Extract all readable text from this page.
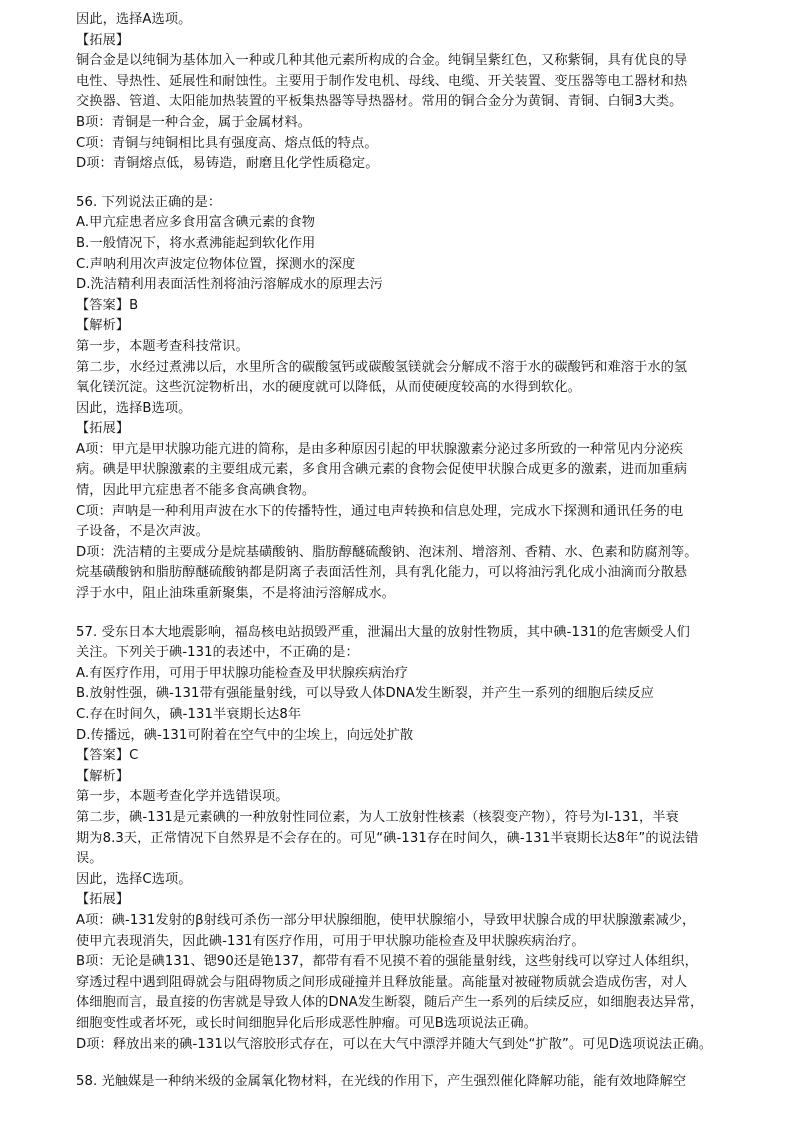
因此，选择A选项。
【拓展】
铜合金是以纯铜为基体加入一种或几种其他元素所构成的合金。纯铜呈紫红色，又称紫铜，具有优良的导
电性、导热性、延展性和耐蚀性。主要用于制作发电机、母线、电缆、开关装置、变压器等电工器材和热
交换器、管道、太阳能加热装置的平板集热器等导热器材。常用的铜合金分为黄铜、青铜、白铜3大类。
B项：青铜是一种合金，属于金属材料。
C项：青铜与纯铜相比具有强度高、熔点低的特点。
D项：青铜熔点低，易铸造，耐磨且化学性质稳定。
56. 下列说法正确的是：
A.甲亢症患者应多食用富含碘元素的食物
B.一般情况下，将水煮沸能起到软化作用
C.声呐利用次声波定位物体位置，探测水的深度
D.洗洁精利用表面活性剂将油污溶解成水的原理去污
【答案】B
【解析】
第一步，本题考查科技常识。
第二步，水经过煮沸以后，水里所含的碳酸氢钙或碳酸氢镁就会分解成不溶于水的碳酸钙和难溶于水的氢
氧化镁沉淀。这些沉淀物析出，水的硬度就可以降低，从而使硬度较高的水得到软化。
因此，选择B选项。
【拓展】
A项：甲亢是甲状腺功能亢进的简称，是由多种原因引起的甲状腺激素分泌过多所致的一种常见内分泌疾
病。碘是甲状腺激素的主要组成元素，多食用含碘元素的食物会促使甲状腺合成更多的激素，进而加重病
情，因此甲亢症患者不能多食高碘食物。
C项：声呐是一种利用声波在水下的传播特性，通过电声转换和信息处理，完成水下探测和通讯任务的电
子设备，不是次声波。
D项：洗洁精的主要成分是烷基磺酸钠、脂肪醇醚硫酸钠、泡沫剂、增溶剂、香精、水、色素和防腐剂等。
烷基磺酸钠和脂肪醇醚硫酸钠都是阴离子表面活性剂，具有乳化能力，可以将油污乳化成小油滴而分散悬
浮于水中，阻止油珠重新聚集，不是将油污溶解成水。
57. 受东日本大地震影响，福岛核电站损毁严重，泄漏出大量的放射性物质，其中碘-131的危害颇受人们
关注。下列关于碘-131的表述中，不正确的是：
A.有医疗作用，可用于甲状腺功能检查及甲状腺疾病治疗
B.放射性强，碘-131带有强能量射线，可以导致人体DNA发生断裂，并产生一系列的细胞后续反应
C.存在时间久，碘-131半衰期长达8年
D.传播远，碘-131可附着在空气中的尘埃上，向远处扩散
【答案】C
【解析】
第一步，本题考查化学并选错误项。
第二步，碘-131是元素碘的一种放射性同位素，为人工放射性核素（核裂变产物），符号为I-131，半衰
期为8.3天，正常情况下自然界是不会存在的。可见“碘-131存在时间久，碘-131半衰期长达8年”的说法错
误。
因此，选择C选项。
【拓展】
A项：碘-131发射的β射线可杀伤一部分甲状腺细胞，使甲状腺缩小，导致甲状腺合成的甲状腺激素减少，
使甲亢表现消失，因此碘-131有医疗作用，可用于甲状腺功能检查及甲状腺疾病治疗。
B项：无论是碘131、锶90还是铯137，都带有看不见摸不着的强能量射线，这些射线可以穿过人体组织，
穿透过程中遇到阻碍就会与阻碍物质之间形成碰撞并且释放能量。高能量对被碰物质就会造成伤害，对人
体细胞而言，最直接的伤害就是导致人体的DNA发生断裂，随后产生一系列的后续反应，如细胞表达异常，
细胞变性或者坏死，或长时间细胞异化后形成恶性肿瘤。可见B选项说法正确。
D项：释放出来的碘-131以气溶胶形式存在，可以在大气中漂浮并随大气到处“扩散”。可见D选项说法正确。
58. 光触媒是一种纳米级的金属氧化物材料，在光线的作用下，产生强烈催化降解功能，能有效地降解空
